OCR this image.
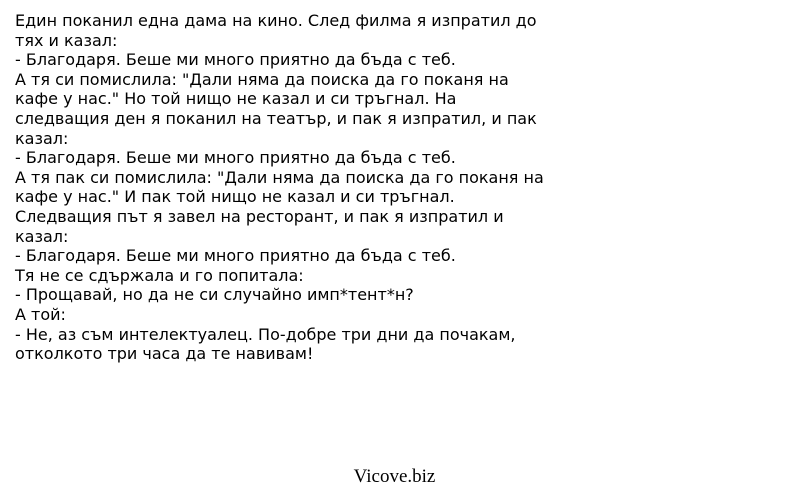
Един поканил една дама на кино. След филма я изпратил до
тях и казал:
- Благодаря. Беше ми много приятно да бъда с теб.
А тя си помислила: "Дали няма да поиска да го поканя на
кафе у нас." Но той нищо не казал и си тръгнал. На
следващия ден я поканил на театър, и пак я изпратил, и пак
казал:
- Благодаря. Беше ми много приятно да бъда с теб.
А тя пак си помислила: "Дали няма да поиска да го поканя на
кафе у нас." И пак той нищо не казал и си тръгнал.
Следващия път я завел на ресторант, и пак я изпратил и
казал:
- Благодаря. Беше ми много приятно да бъда с теб.
Тя не се сдържала и го попитала:
- Прощавай, но да не си случайно имп*тент*н?
А той:
- Не, аз съм интелектуалец. По-добре три дни да почакам,
отколкото три часа да те навивам!

Vicove.biz
